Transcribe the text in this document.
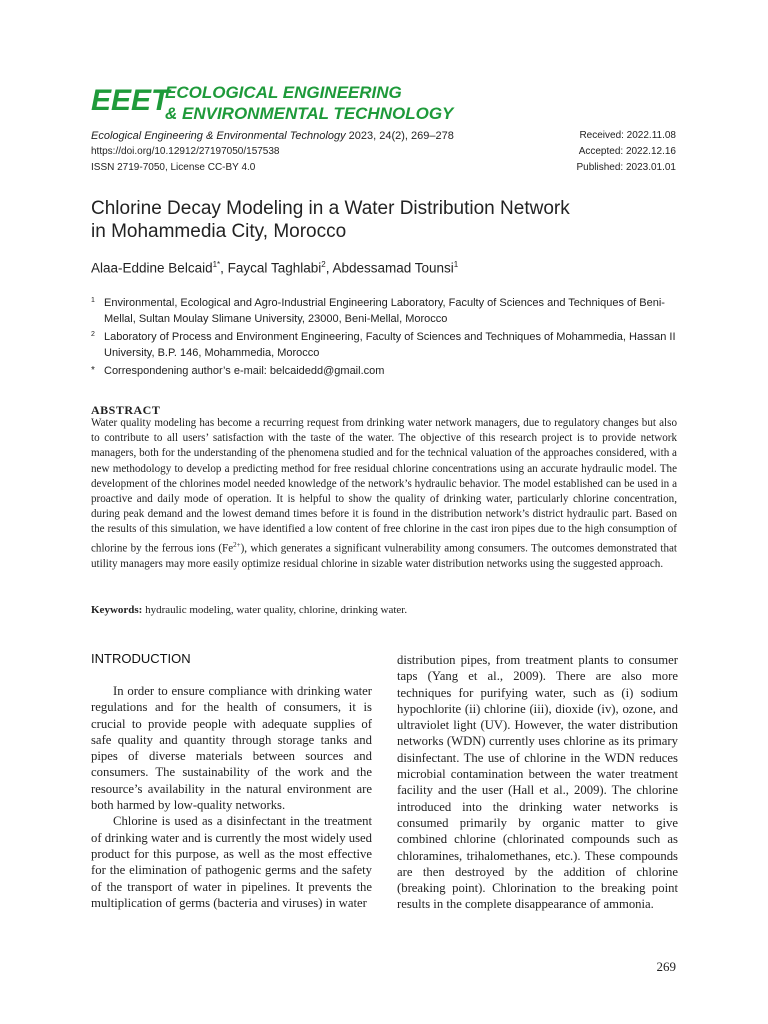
EEET
ECOLOGICAL ENGINEERING
& ENVIRONMENTAL TECHNOLOGY
Ecological Engineering & Environmental Technology 2023, 24(2), 269–278
https://doi.org/10.12912/27197050/157538
ISSN 2719-7050, License CC-BY 4.0
Received: 2022.11.08
Accepted: 2022.12.16
Published: 2023.01.01
Chlorine Decay Modeling in a Water Distribution Network
in Mohammedia City, Morocco
Alaa-Eddine Belcaid$^{1*}$, Faycal Taghlabi$^2$, Abdessamad Tounsi$^1$
1 Environmental, Ecological and Agro-Industrial Engineering Laboratory, Faculty of Sciences and Techniques of Beni-Mellal, Sultan Moulay Slimane University, 23000, Beni-Mellal, Morocco
2 Laboratory of Process and Environment Engineering, Faculty of Sciences and Techniques of Mohammedia, Hassan II University, B.P. 146, Mohammedia, Morocco
* Correspondening author’s e-mail: belcaidedd@gmail.com
ABSTRACT
Water quality modeling has become a recurring request from drinking water network managers, due to regulatory changes but also to contribute to all users’ satisfaction with the taste of the water. The objective of this research project is to provide network managers, both for the understanding of the phenomena studied and for the technical valuation of the approaches considered, with a new methodology to develop a predicting method for free residual chlorine concentrations using an accurate hydraulic model. The development of the chlorines model needed knowledge of the network’s hydraulic behavior. The model established can be used in a proactive and daily mode of operation. It is helpful to show the quality of drinking water, particularly chlorine concentration, during peak demand and the lowest demand times before it is found in the distribution network’s district hydraulic part. Based on the results of this simulation, we have identified a low content of free chlorine in the cast iron pipes due to the high consumption of chlorine by the ferrous ions $(Fe^{2+})$, which generates a significant vulnerability among consumers. The outcomes demonstrated that utility managers may more easily optimize residual chlorine in sizable water distribution networks using the suggested approach.
Keywords: hydraulic modeling, water quality, chlorine, drinking water.
INTRODUCTION

In order to ensure compliance with drinking water regulations and for the health of consumers, it is crucial to provide people with adequate supplies of safe quality and quantity through storage tanks and pipes of diverse materials between sources and consumers. The sustainability of the work and the resource’s availability in the natural environment are both harmed by low-quality networks.

Chlorine is used as a disinfectant in the treatment of drinking water and is currently the most widely used product for this purpose, as well as the most effective for the elimination of pathogenic germs and the safety of the transport of water in pipelines. It prevents the multiplication of germs (bacteria and viruses) in water

distribution pipes, from treatment plants to consumer taps (Yang et al., 2009). There are also more techniques for purifying water, such as (i) sodium hypochlorite (ii) chlorine (iii), dioxide (iv), ozone, and ultraviolet light (UV). However, the water distribution networks (WDN) currently uses chlorine as its primary disinfectant. The use of chlorine in the WDN reduces microbial contamination between the water treatment facility and the user (Hall et al., 2009). The chlorine introduced into the drinking water networks is consumed primarily by organic matter to give combined chlorine (chlorinated compounds such as chloramines, trihalomethanes, etc.). These compounds are then destroyed by the addition of chlorine (breaking point). Chlorination to the breaking point results in the complete disappearance of ammonia.

269
